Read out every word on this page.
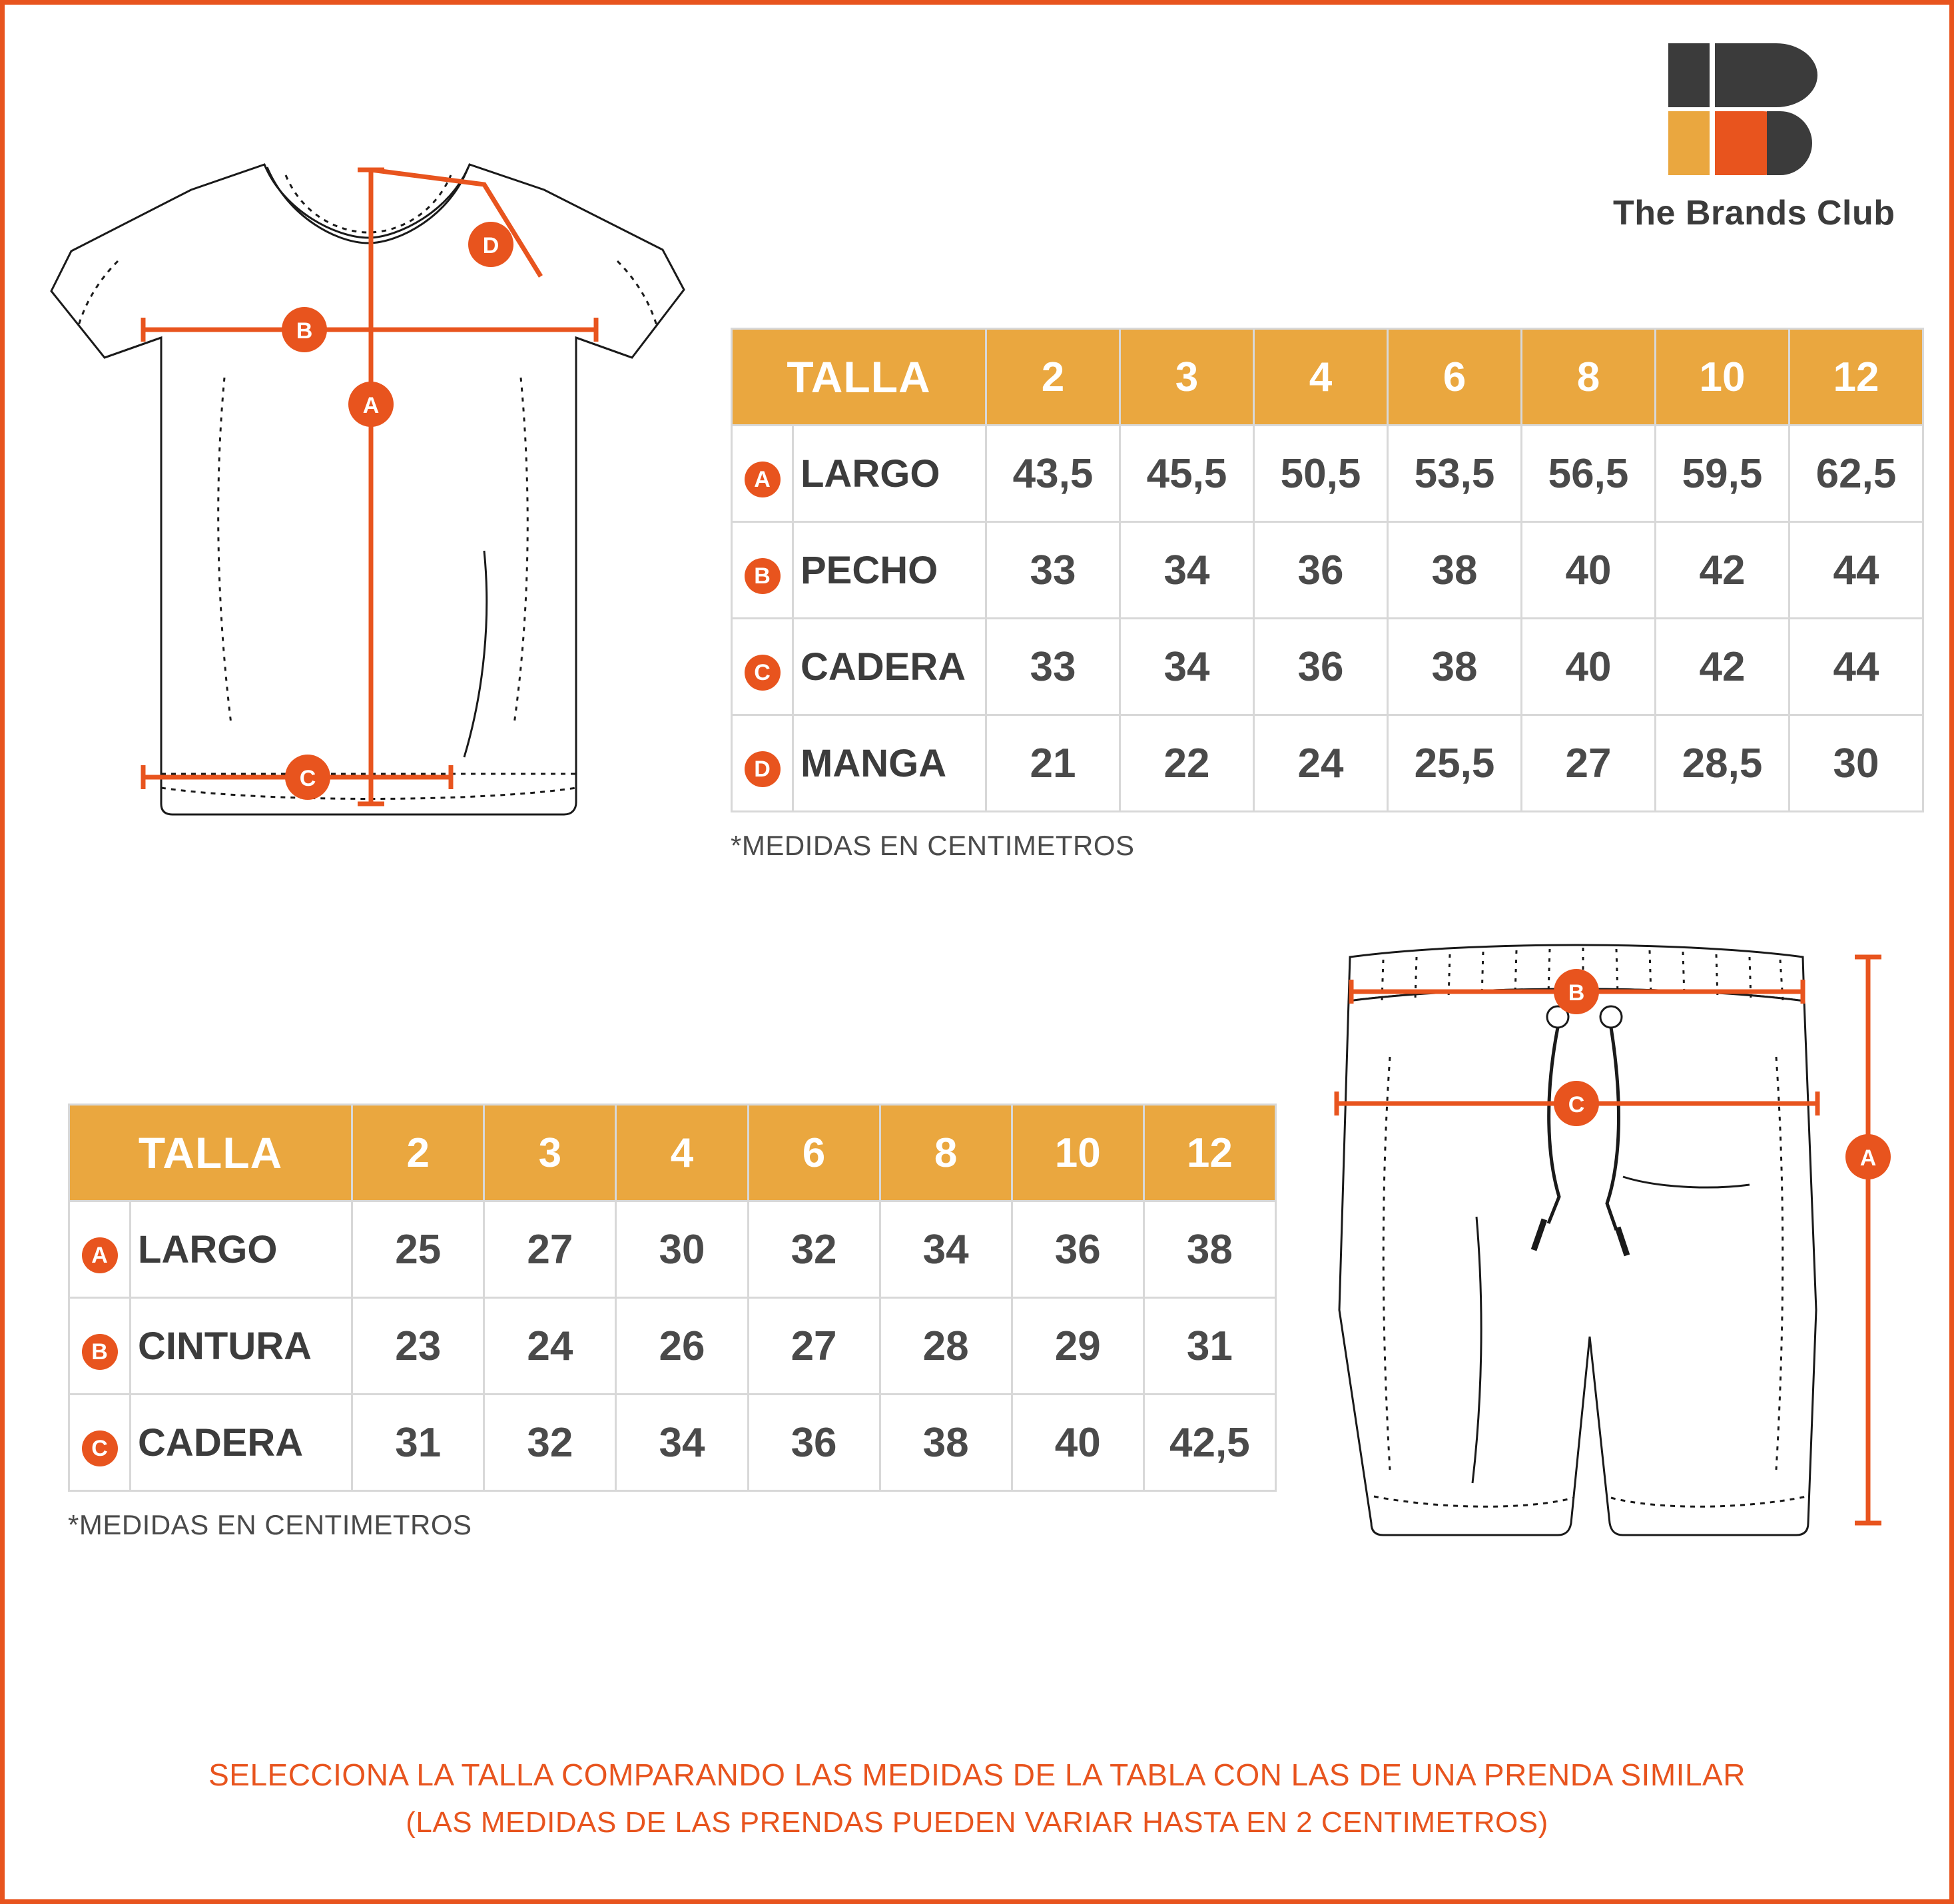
The Brands Club
D
B
A
C
TALLA		2	3	4	6	8	10	12
A	LARGO	43,5	45,5	50,5	53,5	56,5	59,5	62,5
B	PECHO	33	34	36	38	40	42	44
C	CADERA	33	34	36	38	40	42	44
D	MANGA	21	22	24	25,5	27	28,5	30
*MEDIDAS EN CENTIMETROS
TALLA		2	3	4	6	8	10	12
A	LARGO	25	27	30	32	34	36	38
B	CINTURA	23	24	26	27	28	29	31
C	CADERA	31	32	34	36	38	40	42,5
*MEDIDAS EN CENTIMETROS
B
C
A
SELECCIONA LA TALLA COMPARANDO LAS MEDIDAS DE LA TABLA CON LAS DE UNA PRENDA SIMILAR
(LAS MEDIDAS DE LAS PRENDAS PUEDEN VARIAR HASTA EN 2 CENTIMETROS)
